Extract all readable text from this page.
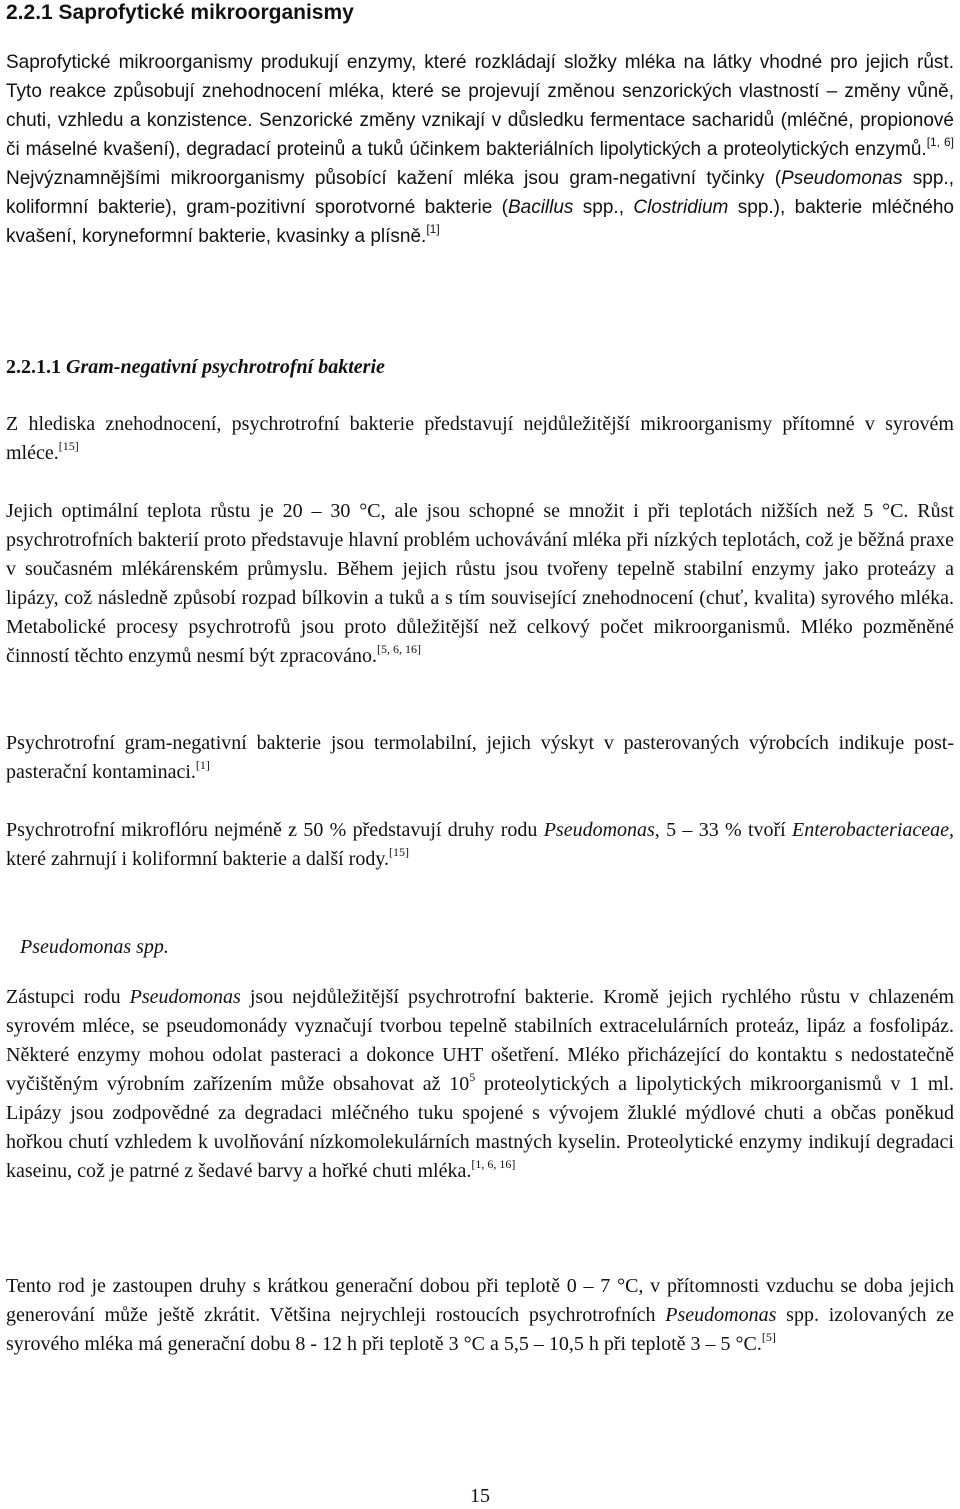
2.2.1 Saprofytické mikroorganismy

Saprofytické mikroorganismy produkují enzymy, které rozkládají složky mléka na látky vhodné pro jejich růst. Tyto reakce způsobují znehodnocení mléka, které se projevují změnou senzorických vlastností – změny vůně, chuti, vzhledu a konzistence. Senzorické změny vznikají v důsledku fermentace sacharidů (mléčné, propionové či máselné kvašení), degradací proteinů a tuků účinkem bakteriálních lipolytických a proteolytických enzymů.[1, 6] Nejvýznamnějšími mikroorganismy působící kažení mléka jsou gram-negativní tyčinky (Pseudomonas spp., koliformní bakterie), gram-pozitivní sporotvorné bakterie (Bacillus spp., Clostridium spp.), bakterie mléčného kvašení, koryneformní bakterie, kvasinky a plísně.[1]

2.2.1.1 Gram-negativní psychrotrofní bakterie

Z hlediska znehodnocení, psychrotrofní bakterie představují nejdůležitější mikroorganismy přítomné v syrovém mléce.[15]

Jejich optimální teplota růstu je 20 – 30 °C, ale jsou schopné se množit i při teplotách nižších než 5 °C. Růst psychrotrofních bakterií proto představuje hlavní problém uchovávání mléka při nízkých teplotách, což je běžná praxe v současném mlékárenském průmyslu. Během jejich růstu jsou tvořeny tepelně stabilní enzymy jako proteázy a lipázy, což následně způsobí rozpad bílkovin a tuků a s tím související znehodnocení (chuť, kvalita) syrového mléka. Metabolické procesy psychrotrofů jsou proto důležitější než celkový počet mikroorganismů. Mléko pozměněné činností těchto enzymů nesmí být zpracováno.[5, 6, 16]

Psychrotrofní gram-negativní bakterie jsou termolabilní, jejich výskyt v pasterovaných výrobcích indikuje post-pasterační kontaminaci.[1]

Psychrotrofní mikroflóru nejméně z 50 % představují druhy rodu Pseudomonas, 5 – 33 % tvoří Enterobacteriaceae, které zahrnují i koliformní bakterie a další rody.[15]

Pseudomonas spp.

Zástupci rodu Pseudomonas jsou nejdůležitější psychrotrofní bakterie. Kromě jejich rychlého růstu v chlazeném syrovém mléce, se pseudomonády vyznačují tvorbou tepelně stabilních extracelulárních proteáz, lipáz a fosfolipáz. Některé enzymy mohou odolat pasteraci a dokonce UHT ošetření. Mléko přicházející do kontaktu s nedostatečně vyčištěným výrobním zařízením může obsahovat až $10^5$ proteolytických a lipolytických mikroorganismů v 1 ml. Lipázy jsou zodpovědné za degradaci mléčného tuku spojené s vývojem žluklé mýdlové chuti a občas poněkud hořkou chutí vzhledem k uvolňování nízkomolekulárních mastných kyselin. Proteolytické enzymy indikují degradaci kaseinu, což je patrné z šedavé barvy a hořké chuti mléka.[1, 6, 16]

Tento rod je zastoupen druhy s krátkou generační dobou při teplotě 0 – 7 °C, v přítomnosti vzduchu se doba jejich generování může ještě zkrátit. Většina nejrychleji rostoucích psychrotrofních Pseudomonas spp. izolovaných ze syrového mléka má generační dobu 8 - 12 h při teplotě 3 °C a 5,5 – 10,5 h při teplotě 3 – 5 °C.[5]

15
